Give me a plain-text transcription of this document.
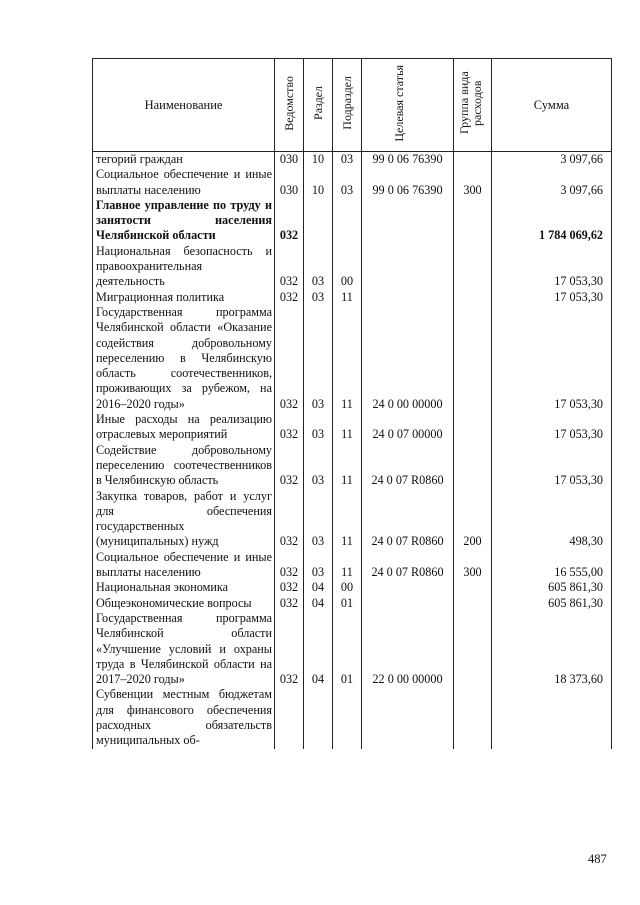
Наименование	Ведомство	Раздел	Подраздел	Целевая статья	Группа вида расходов	Сумма
тегорий граждан	030	10	03	99 0 06 76390		3 097,66
Социальное обеспечение и иные выплаты населению	030	10	03	99 0 06 76390	300	3 097,66
Главное управление по труду и занятости населения Челябинской области	032					1 784 069,62
Национальная безопасность и правоохранительная деятельность	032	03	00			17 053,30
Миграционная политика	032	03	11			17 053,30
Государственная программа Челябинской области «Оказание содействия добровольному переселению в Челябинскую область соотечественников, проживающих за рубежом, на 2016–2020 годы»	032	03	11	24 0 00 00000		17 053,30
Иные расходы на реализацию отраслевых мероприятий	032	03	11	24 0 07 00000		17 053,30
Содействие добровольному переселению соотечественников в Челябинскую область	032	03	11	24 0 07 R0860		17 053,30
Закупка товаров, работ и услуг для обеспечения государственных (муниципальных) нужд	032	03	11	24 0 07 R0860	200	498,30
Социальное обеспечение и иные выплаты населению	032	03	11	24 0 07 R0860	300	16 555,00
Национальная экономика	032	04	00			605 861,30
Общеэкономические вопросы	032	04	01			605 861,30
Государственная программа Челябинской области «Улучшение условий и охраны труда в Челябинской области на 2017–2020 годы»	032	04	01	22 0 00 00000		18 373,60
Субвенции местным бюджетам для финансового обеспечения расходных обязательств муниципальных об-						
487
